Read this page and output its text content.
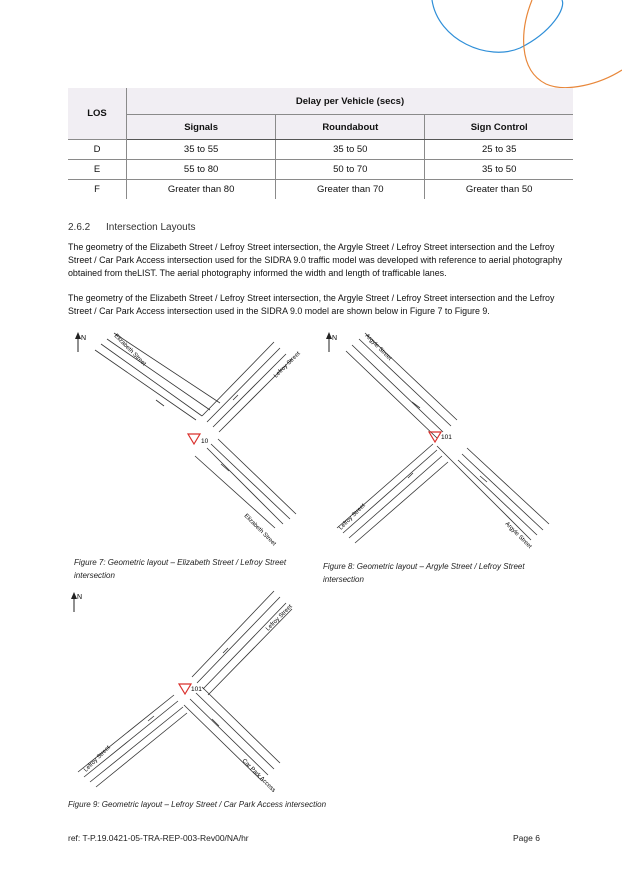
LOS	Delay per Vehicle (secs)		
	Signals	Roundabout	Sign Control
D	35 to 55	35 to 50	25 to 35
E	55 to 80	50 to 70	35 to 50
F	Greater than 80	Greater than 70	Greater than 50
2.6.2 Intersection Layouts

The geometry of the Elizabeth Street / Lefroy Street intersection, the Argyle Street / Lefroy Street intersection and the Lefroy Street / Car Park Access intersection used for the SIDRA 9.0 traffic model was developed with reference to aerial photography obtained from theLIST. The aerial photography informed the width and length of trafficable lanes.

The geometry of the Elizabeth Street / Lefroy Street intersection, the Argyle Street / Lefroy Street intersection and the Lefroy Street / Car Park Access intersection used in the SIDRA 9.0 model are shown below in Figure 7 to Figure 9.

N
10
Elizabeth Street	Lefroy Street
Elizabeth Street
N
101
Argyle Street
Lefroy Street
Argyle Street
N
101
Lefroy Street
Lefroy Street	Car Park Access

Figure 7: Geometric layout – Elizabeth Street / Lefroy Street intersection

Figure 8: Geometric layout – Argyle Street / Lefroy Street intersection

Figure 9: Geometric layout – Lefroy Street / Car Park Access intersection

ref: T-P.19.0421-05-TRA-REP-003-Rev00/NA/hr	Page 6
